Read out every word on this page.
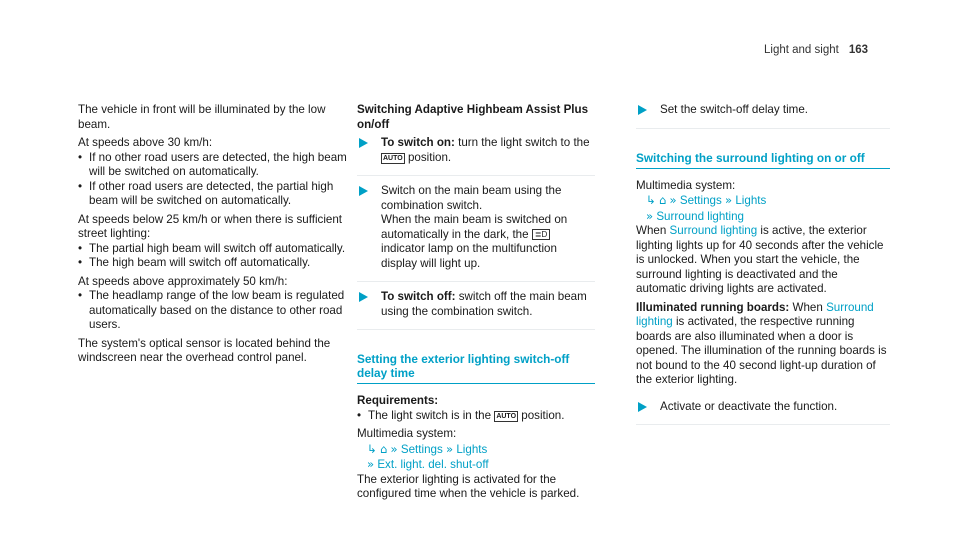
Light and sight 163

The vehicle in front will be illuminated by the low beam.

At speeds above 30 km/h:

• If no other road users are detected, the high beam will be switched on automatically.
• If other road users are detected, the partial high beam will be switched on automatically.

At speeds below 25 km/h or when there is sufficient street lighting:

• The partial high beam will switch off automatically.
• The high beam will switch off automatically.

At speeds above approximately 50 km/h:

• The headlamp range of the low beam is regulated automatically based on the distance to other road users.

The system's optical sensor is located behind the windscreen near the overhead control panel.

Switching Adaptive Highbeam Assist Plus on/off

To switch on: turn the light switch to the AUTO position.
Switch on the main beam using the combination switch.
When the main beam is switched on automatically in the dark, the ≣D indicator lamp on the multifunction display will light up.
To switch off: switch off the main beam using the combination switch.
Setting the exterior lighting switch-off delay time

Requirements:

• The light switch is in the AUTO position.

Multimedia system:

↳ ⌂ » Settings » Lights
» Ext. light. del. shut-off

The exterior lighting is activated for the configured time when the vehicle is parked.

Set the switch-off delay time.
Switching the surround lighting on or off

Multimedia system:

↳ ⌂ » Settings » Lights
» Surround lighting

When Surround lighting is active, the exterior lighting lights up for 40 seconds after the vehicle is unlocked. When you start the vehicle, the surround lighting is deactivated and the automatic driving lights are activated.

Illuminated running boards: When Surround lighting is activated, the respective running boards are also illuminated when a door is opened. The illumination of the running boards is not bound to the 40 second light-up duration of the exterior lighting.

Activate or deactivate the function.
